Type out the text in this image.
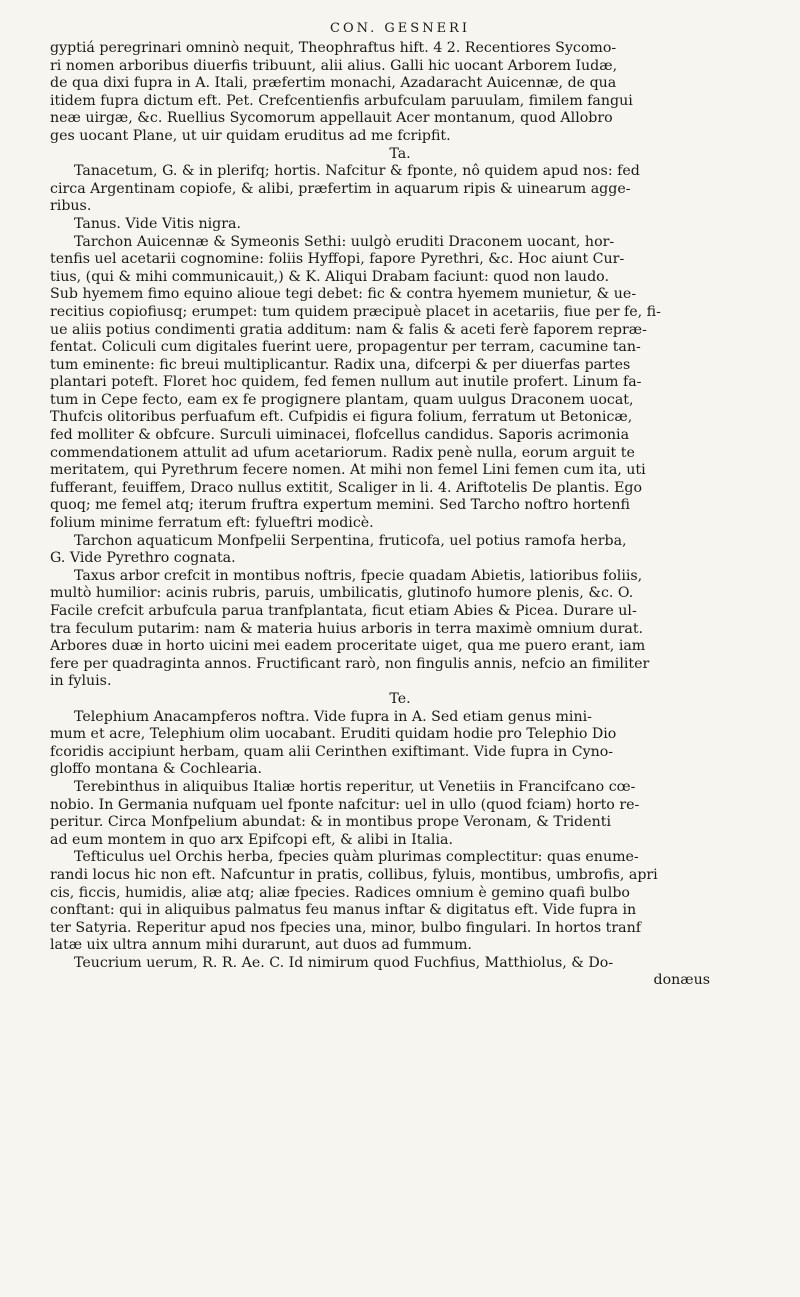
CON. GESNERI
gyptiá peregrinari omninò nequit, Theophraftus hift. 4 2. Recentiores Sycomo-
ri nomen arboribus diuerfis tribuunt, alii alius. Galli hic uocant Arborem Iudæ,
de qua dixi fupra in A. Itali, præfertim monachi, Azadaracht Auicennæ, de qua
itidem fupra dictum eft. Pet. Crefcentienfis arbufculam paruulam, fimilem fangui
neæ uirgæ, &c. Ruellius Sycomorum appellauit Acer montanum, quod Allobro
ges uocant Plane, ut uir quidam eruditus ad me fcripfit.
Ta.
Tanacetum, G. & in plerifq; hortis. Nafcitur & fponte, nô quidem apud nos: fed
circa Argentinam copiofe, & alibi, præfertim in aquarum ripis & uinearum agge-
ribus.
Tanus. Vide Vitis nigra.
Tarchon Auicennæ & Symeonis Sethi: uulgò eruditi Draconem uocant, hor-
tenfis uel acetarii cognomine: foliis Hyffopi, fapore Pyrethri, &c. Hoc aiunt Cur-
tius, (qui & mihi communicauit,) & K. Aliqui Drabam faciunt: quod non laudo.
Sub hyemem fimo equino alioue tegi debet: fic & contra hyemem munietur, & ue-
recitius copiofiusq; erumpet: tum quidem præcipuè placet in acetariis, fiue per fe, fi-
ue aliis potius condimenti gratia additum: nam & falis & aceti ferè faporem repræ-
fentat. Coliculi cum digitales fuerint uere, propagentur per terram, cacumine tan-
tum eminente: fic breui multiplicantur. Radix una, difcerpi & per diuerfas partes
plantari poteft. Floret hoc quidem, fed femen nullum aut inutile profert. Linum fa-
tum in Cepe fecto, eam ex fe progignere plantam, quam uulgus Draconem uocat,
Thufcis olitoribus perfuafum eft. Cufpidis ei figura folium, ferratum ut Betonicæ,
fed molliter & obfcure. Surculi uiminacei, flofcellus candidus. Saporis acrimonia
commendationem attulit ad ufum acetariorum. Radix penè nulla, eorum arguit te
meritatem, qui Pyrethrum fecere nomen. At mihi non femel Lini femen cum ita, uti
fufferant, feuiffem, Draco nullus extitit, Scaliger in li. 4. Ariftotelis De plantis. Ego
quoq; me femel atq; iterum fruftra expertum memini. Sed Tarcho noftro hortenfi
folium minime ferratum eft: fylueftri modicè.
Tarchon aquaticum Monfpelii Serpentina, fruticofa, uel potius ramofa herba,
G. Vide Pyrethro cognata.
Taxus arbor crefcit in montibus noftris, fpecie quadam Abietis, latioribus foliis,
multò humilior: acinis rubris, paruis, umbilicatis, glutinofo humore plenis, &c. O.
Facile crefcit arbufcula parua tranfplantata, ficut etiam Abies & Picea. Durare ul-
tra feculum putarim: nam & materia huius arboris in terra maximè omnium durat.
Arbores duæ in horto uicini mei eadem proceritate uiget, qua me puero erant, iam
fere per quadraginta annos. Fructificant rarò, non fingulis annis, nefcio an fimiliter
in fyluis.
Te.
Telephium Anacampferos noftra. Vide fupra in A. Sed etiam genus mini-
mum et acre, Telephium olim uocabant. Eruditi quidam hodie pro Telephio Dio
fcoridis accipiunt herbam, quam alii Cerinthen exiftimant. Vide fupra in Cyno-
gloffo montana & Cochlearia.
Terebinthus in aliquibus Italiæ hortis reperitur, ut Venetiis in Francifcano cœ-
nobio. In Germania nufquam uel fponte nafcitur: uel in ullo (quod fciam) horto re-
peritur. Circa Monfpelium abundat: & in montibus prope Veronam, & Tridenti
ad eum montem in quo arx Epifcopi eft, & alibi in Italia.
Tefticulus uel Orchis herba, fpecies quàm plurimas complectitur: quas enume-
randi locus hic non eft. Nafcuntur in pratis, collibus, fyluis, montibus, umbrofis, apri
cis, ficcis, humidis, aliæ atq; aliæ fpecies. Radices omnium è gemino quafi bulbo
conftant: qui in aliquibus palmatus feu manus inftar & digitatus eft. Vide fupra in
ter Satyria. Reperitur apud nos fpecies una, minor, bulbo fingulari. In hortos tranf
latæ uix ultra annum mihi durarunt, aut duos ad fummum.
Teucrium uerum, R. R. Ae. C. Id nimirum quod Fuchfius, Matthiolus, & Do-
donæus
